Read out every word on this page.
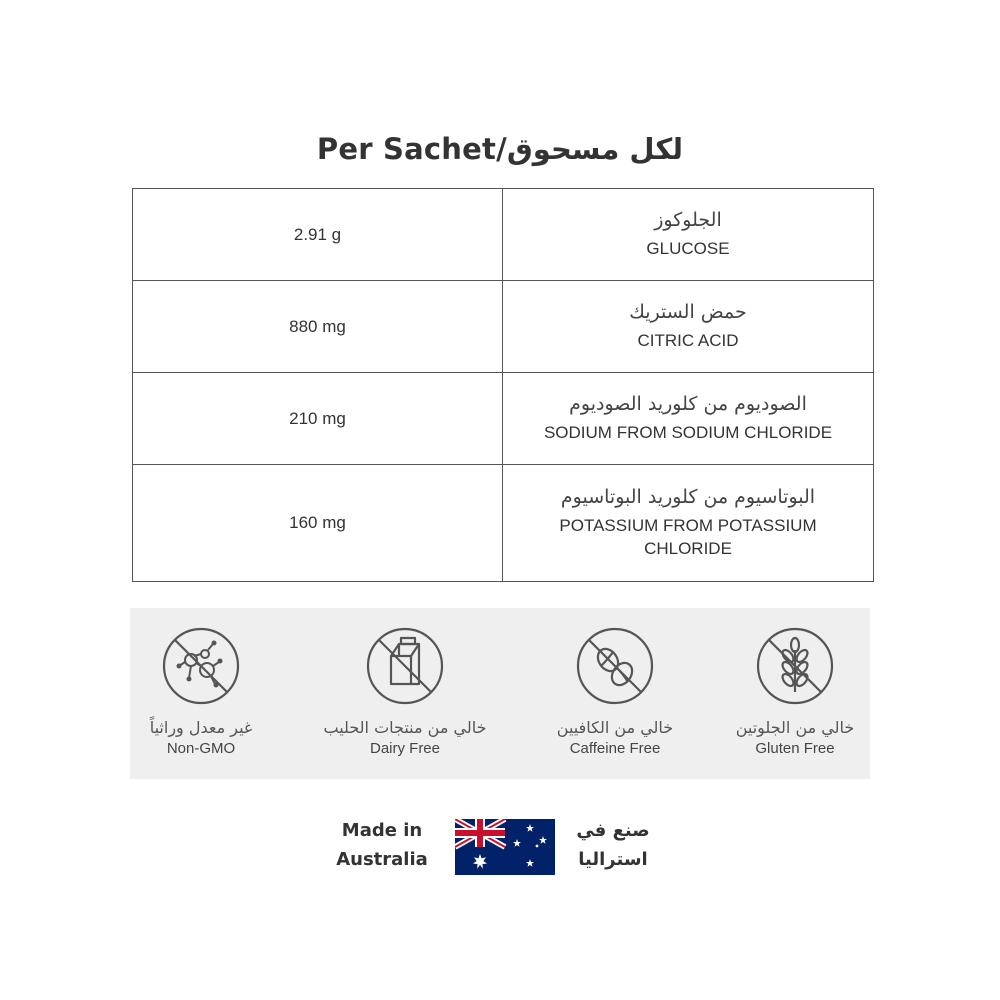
Per Sachet/لكل مسحوق
2.91 g	الجلوكوز
GLUCOSE

880 mg	حمض الستريك
CITRIC ACID

210 mg	الصوديوم من كلوريد الصوديوم
SODIUM FROM SODIUM CHLORIDE

160 mg	البوتاسيوم من كلوريد البوتاسيوم
POTASSIUM FROM POTASSIUM CHLORIDE
غير معدل وراثياً
Non-GMO
خالي من منتجات الحليب
Dairy Free
خالي من الكافيين
Caffeine Free
خالي من الجلوتين
Gluten Free
Made in
Australia
صنع في
استراليا
